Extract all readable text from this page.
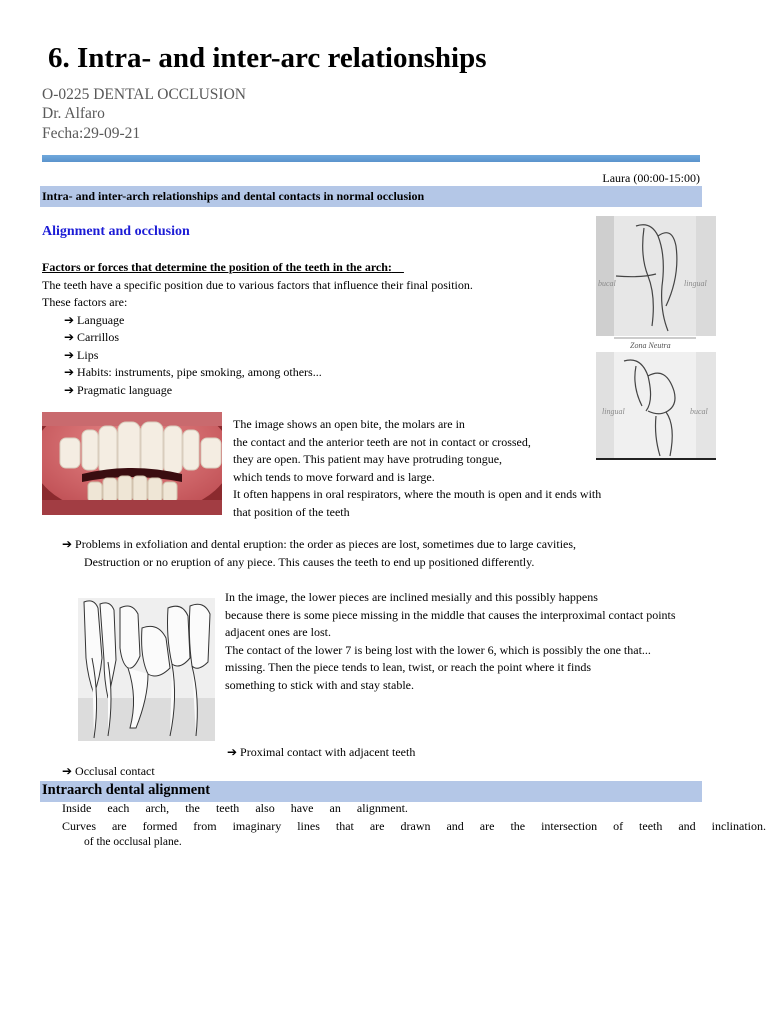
6. Intra- and inter-arc relationships
O-0225 DENTAL OCCLUSION
Dr. Alfaro
Fecha:29-09-21
Laura (00:00-15:00)
Intra- and inter-arch relationships and dental contacts in normal occlusion
Alignment and occlusion
Factors or forces that determine the position of the teeth in the arch:
The teeth have a specific position due to various factors that influence their final position.
These factors are:
➔ Language
➔ Carrillos
➔ Lips
➔ Habits: instruments, pipe smoking, among others...
➔ Pragmatic language
The image shows an open bite, the molars are in
the contact and the anterior teeth are not in contact or crossed,
they are open. This patient may have protruding tongue,
which tends to move forward and is large.
It often happens in oral respirators, where the mouth is open and it ends with
that position of the teeth
bucal	lingual
Zona Neutra
lingual	bucal
➔ Problems in exfoliation and dental eruption: the order as pieces are lost, sometimes due to large cavities,
Destruction or no eruption of any piece. This causes the teeth to end up positioned differently.
In the image, the lower pieces are inclined mesially and this possibly happens
because there is some piece missing in the middle that causes the interproximal contact points
adjacent ones are lost.
The contact of the lower 7 is being lost with the lower 6, which is possibly the one that...
missing. Then the piece tends to lean, twist, or reach the point where it finds
something to stick with and stay stable.
➔ Proximal contact with adjacent teeth
➔ Occlusal contact
Intraarch dental alignment
Inside each arch, the teeth also have an alignment.
Curves are formed from imaginary lines that are drawn and are the intersection of teeth and inclination.
of the occlusal plane.
